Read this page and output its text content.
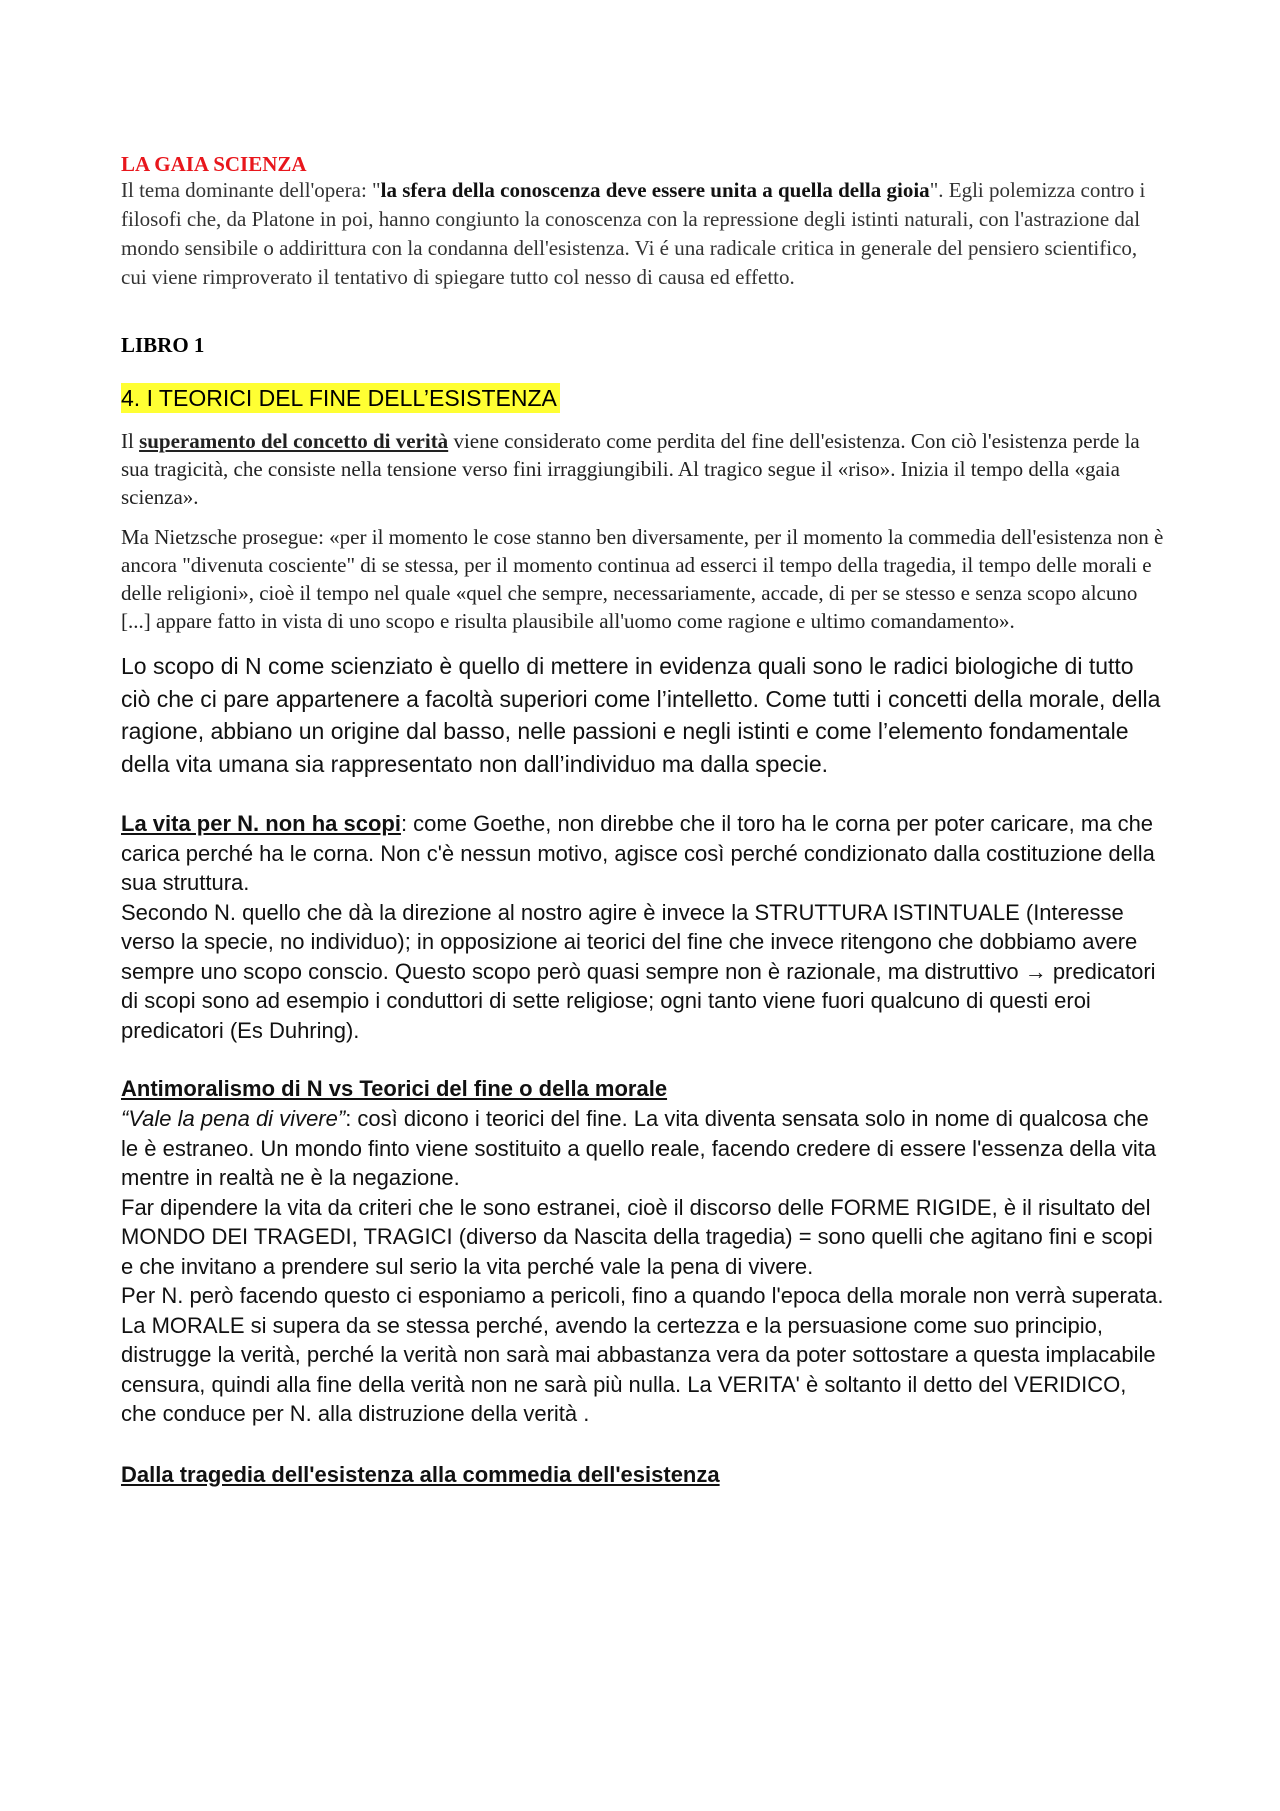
LA GAIA SCIENZA

Il tema dominante dell'opera: "la sfera della conoscenza deve essere unita a quella della gioia". Egli polemizza contro i filosofi che, da Platone in poi, hanno congiunto la conoscenza con la repressione degli istinti naturali, con l'astrazione dal mondo sensibile o addirittura con la condanna dell'esistenza. Vi é una radicale critica in generale del pensiero scientifico, cui viene rimproverato il tentativo di spiegare tutto col nesso di causa ed effetto.

LIBRO 1

4. I TEORICI DEL FINE DELL’ESISTENZA

Il superamento del concetto di verità viene considerato come perdita del fine dell'esistenza. Con ciò l'esistenza perde la sua tragicità, che consiste nella tensione verso fini irraggiungibili. Al tragico segue il «riso». Inizia il tempo della «gaia scienza».

Ma Nietzsche prosegue: «per il momento le cose stanno ben diversamente, per il momento la commedia dell'esistenza non è ancora "divenuta cosciente" di se stessa, per il momento continua ad esserci il tempo della tragedia, il tempo delle morali e delle religioni», cioè il tempo nel quale «quel che sempre, necessariamente, accade, di per se stesso e senza scopo alcuno [...] appare fatto in vista di uno scopo e risulta plausibile all'uomo come ragione e ultimo comandamento».

Lo scopo di N come scienziato è quello di mettere in evidenza quali sono le radici biologiche di tutto ciò che ci pare appartenere a facoltà superiori come l’intelletto. Come tutti i concetti della morale, della ragione, abbiano un origine dal basso, nelle passioni e negli istinti e come l’elemento fondamentale della vita umana sia rappresentato non dall’individuo ma dalla specie.

La vita per N. non ha scopi: come Goethe, non direbbe che il toro ha le corna per poter caricare, ma che carica perché ha le corna. Non c'è nessun motivo, agisce così perché condizionato dalla costituzione della sua struttura.

Secondo N. quello che dà la direzione al nostro agire è invece la STRUTTURA ISTINTUALE (Interesse verso la specie, no individuo); in opposizione ai teorici del fine che invece ritengono che dobbiamo avere sempre uno scopo conscio. Questo scopo però quasi sempre non è razionale, ma distruttivo → predicatori di scopi sono ad esempio i conduttori di sette religiose; ogni tanto viene fuori qualcuno di questi eroi predicatori (Es Duhring).

Antimoralismo di N vs Teorici del fine o della morale

“Vale la pena di vivere”: così dicono i teorici del fine. La vita diventa sensata solo in nome di qualcosa che le è estraneo. Un mondo finto viene sostituito a quello reale, facendo credere di essere l'essenza della vita mentre in realtà ne è la negazione.

Far dipendere la vita da criteri che le sono estranei, cioè il discorso delle FORME RIGIDE, è il risultato del MONDO DEI TRAGEDI, TRAGICI (diverso da Nascita della tragedia) = sono quelli che agitano fini e scopi e che invitano a prendere sul serio la vita perché vale la pena di vivere.

Per N. però facendo questo ci esponiamo a pericoli, fino a quando l'epoca della morale non verrà superata. La MORALE si supera da se stessa perché, avendo la certezza e la persuasione come suo principio, distrugge la verità, perché la verità non sarà mai abbastanza vera da poter sottostare a questa implacabile censura, quindi alla fine della verità non ne sarà più nulla. La VERITA' è soltanto il detto del VERIDICO, che conduce per N. alla distruzione della verità .

Dalla tragedia dell'esistenza alla commedia dell'esistenza
